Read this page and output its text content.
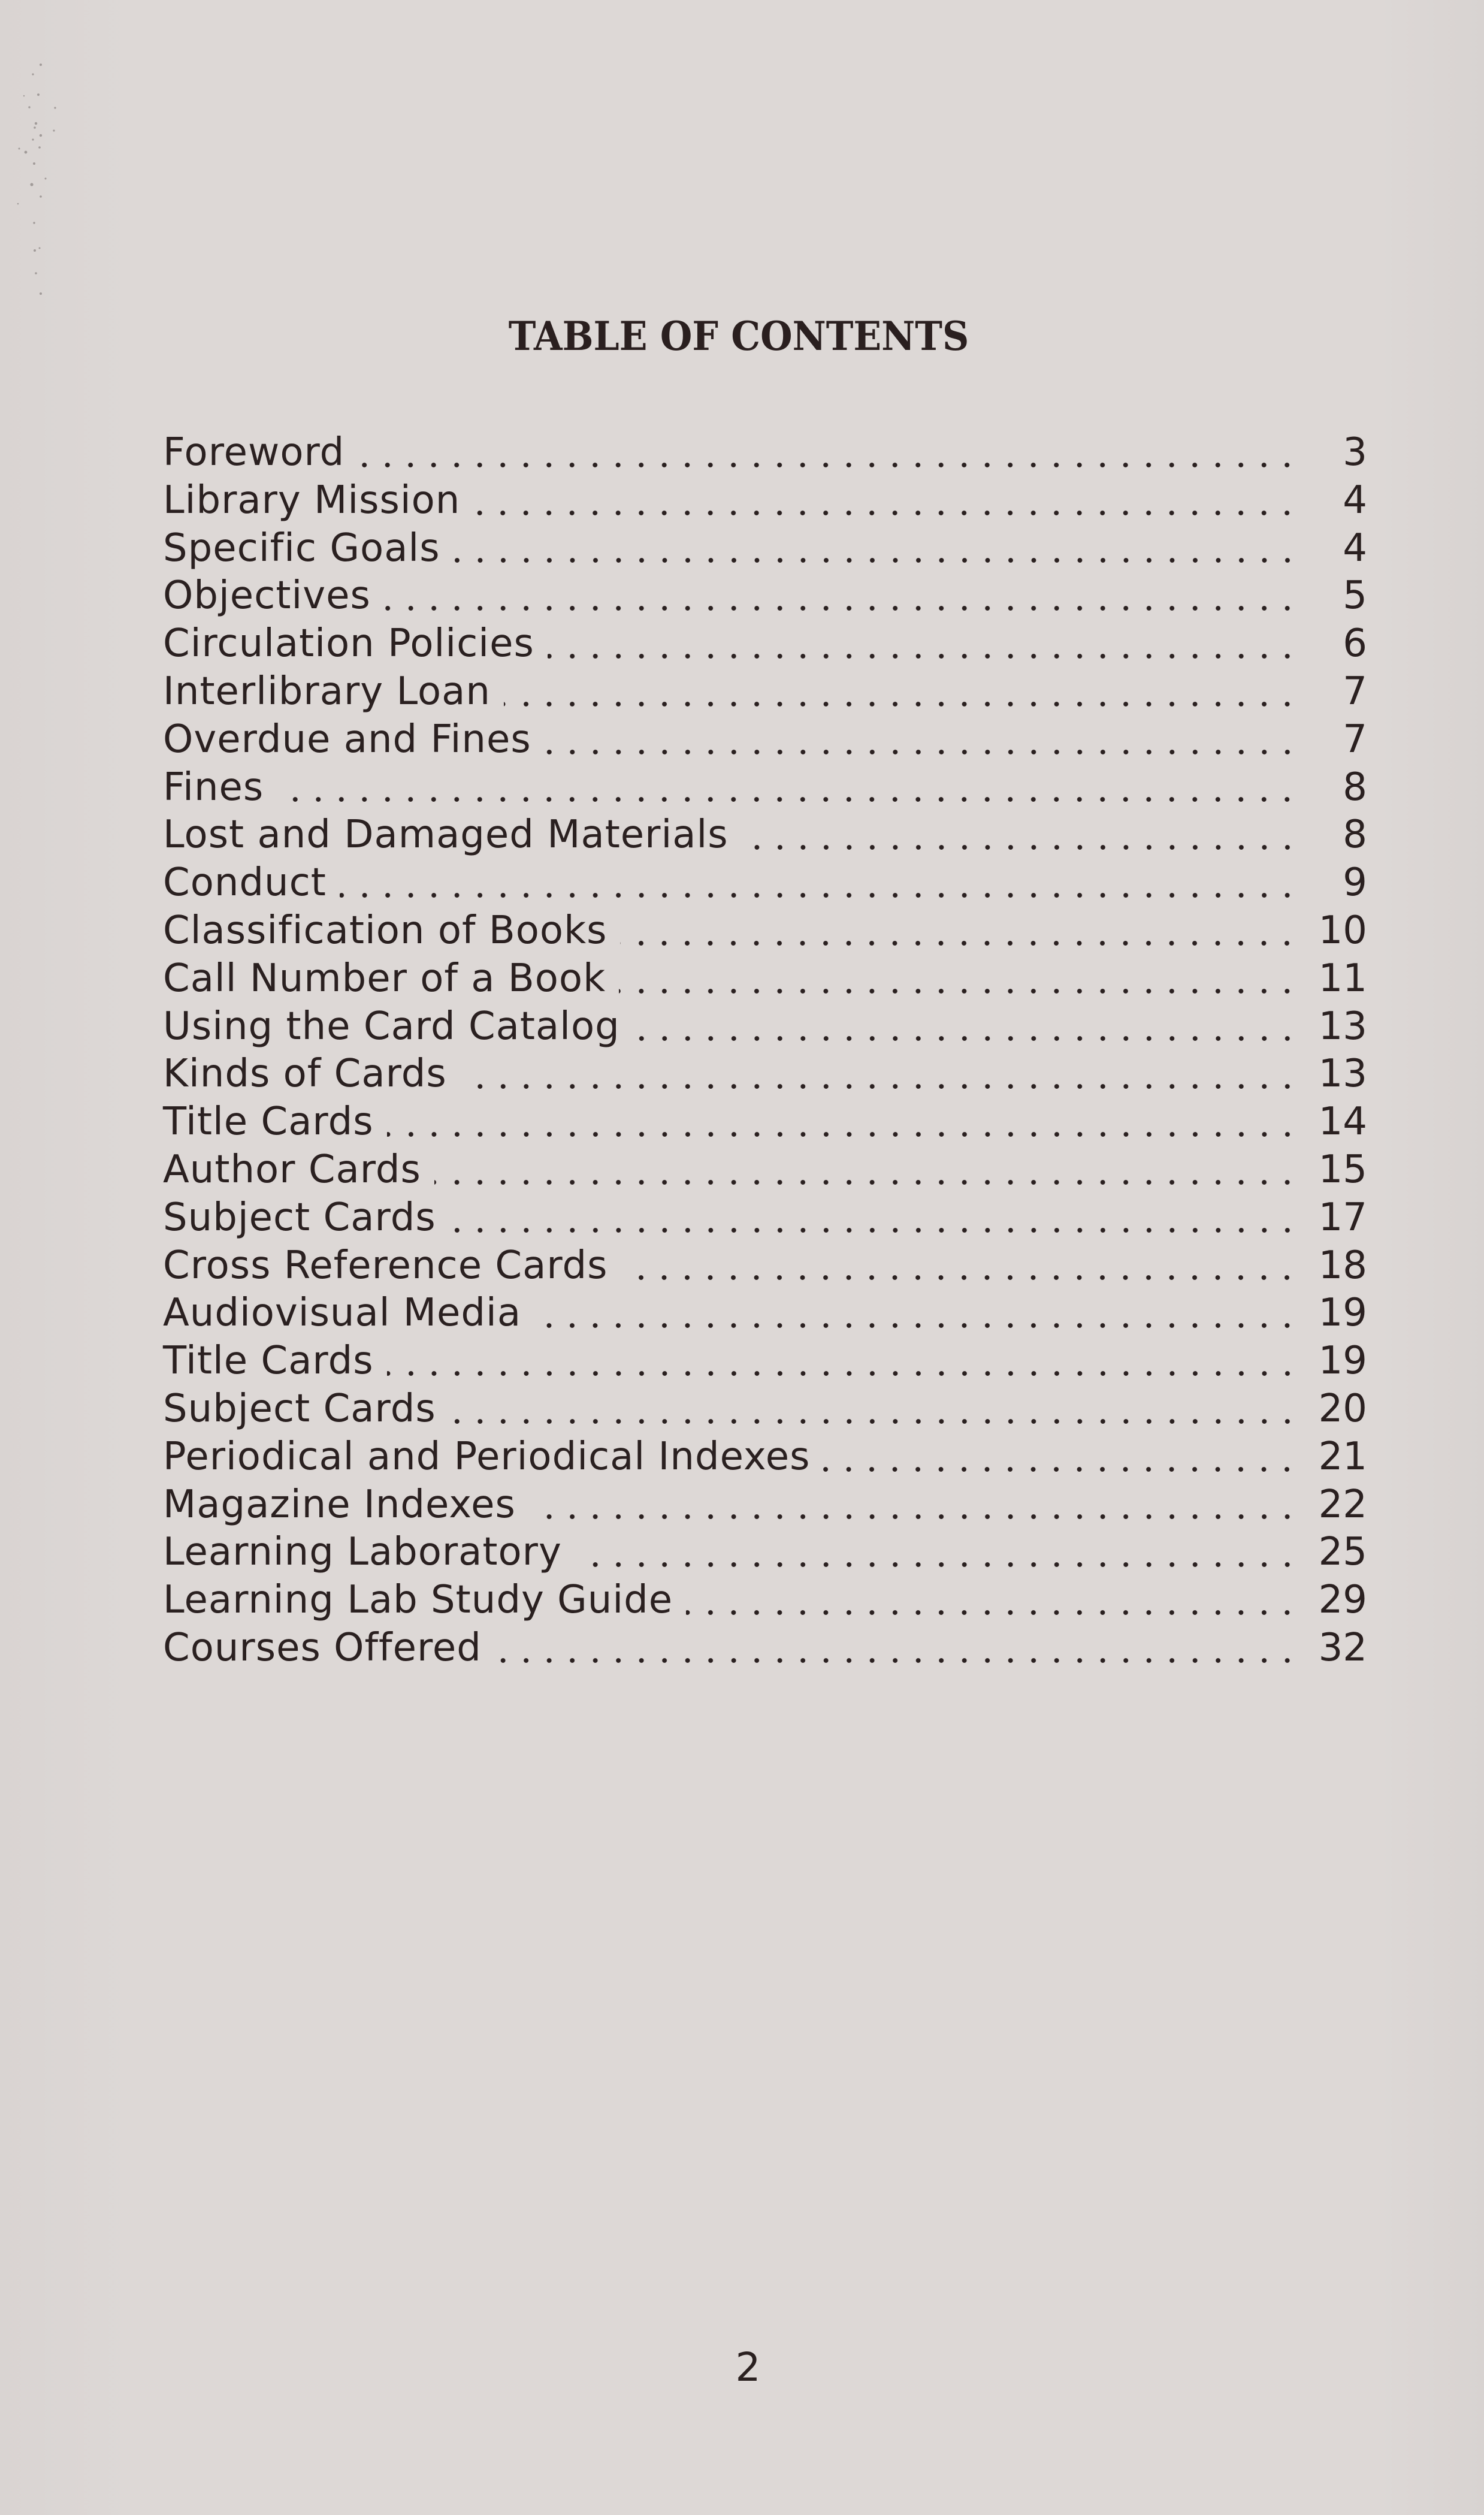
TABLE OF CONTENTS
Foreword	3
Library Mission	4
Specific Goals	4
Objectives	5
Circulation Policies	6
Interlibrary Loan	7
Overdue and Fines	7
Fines	8
Lost and Damaged Materials	8
Conduct	9
Classification of Books	10
Call Number of a Book	11
Using the Card Catalog	13
Kinds of Cards	13
Title Cards	14
Author Cards	15
Subject Cards	17
Cross Reference Cards	18
Audiovisual Media	19
Title Cards	19
Subject Cards	20
Periodical and Periodical Indexes	21
Magazine Indexes	22
Learning Laboratory	25
Learning Lab Study Guide	29
Courses Offered	32
2
